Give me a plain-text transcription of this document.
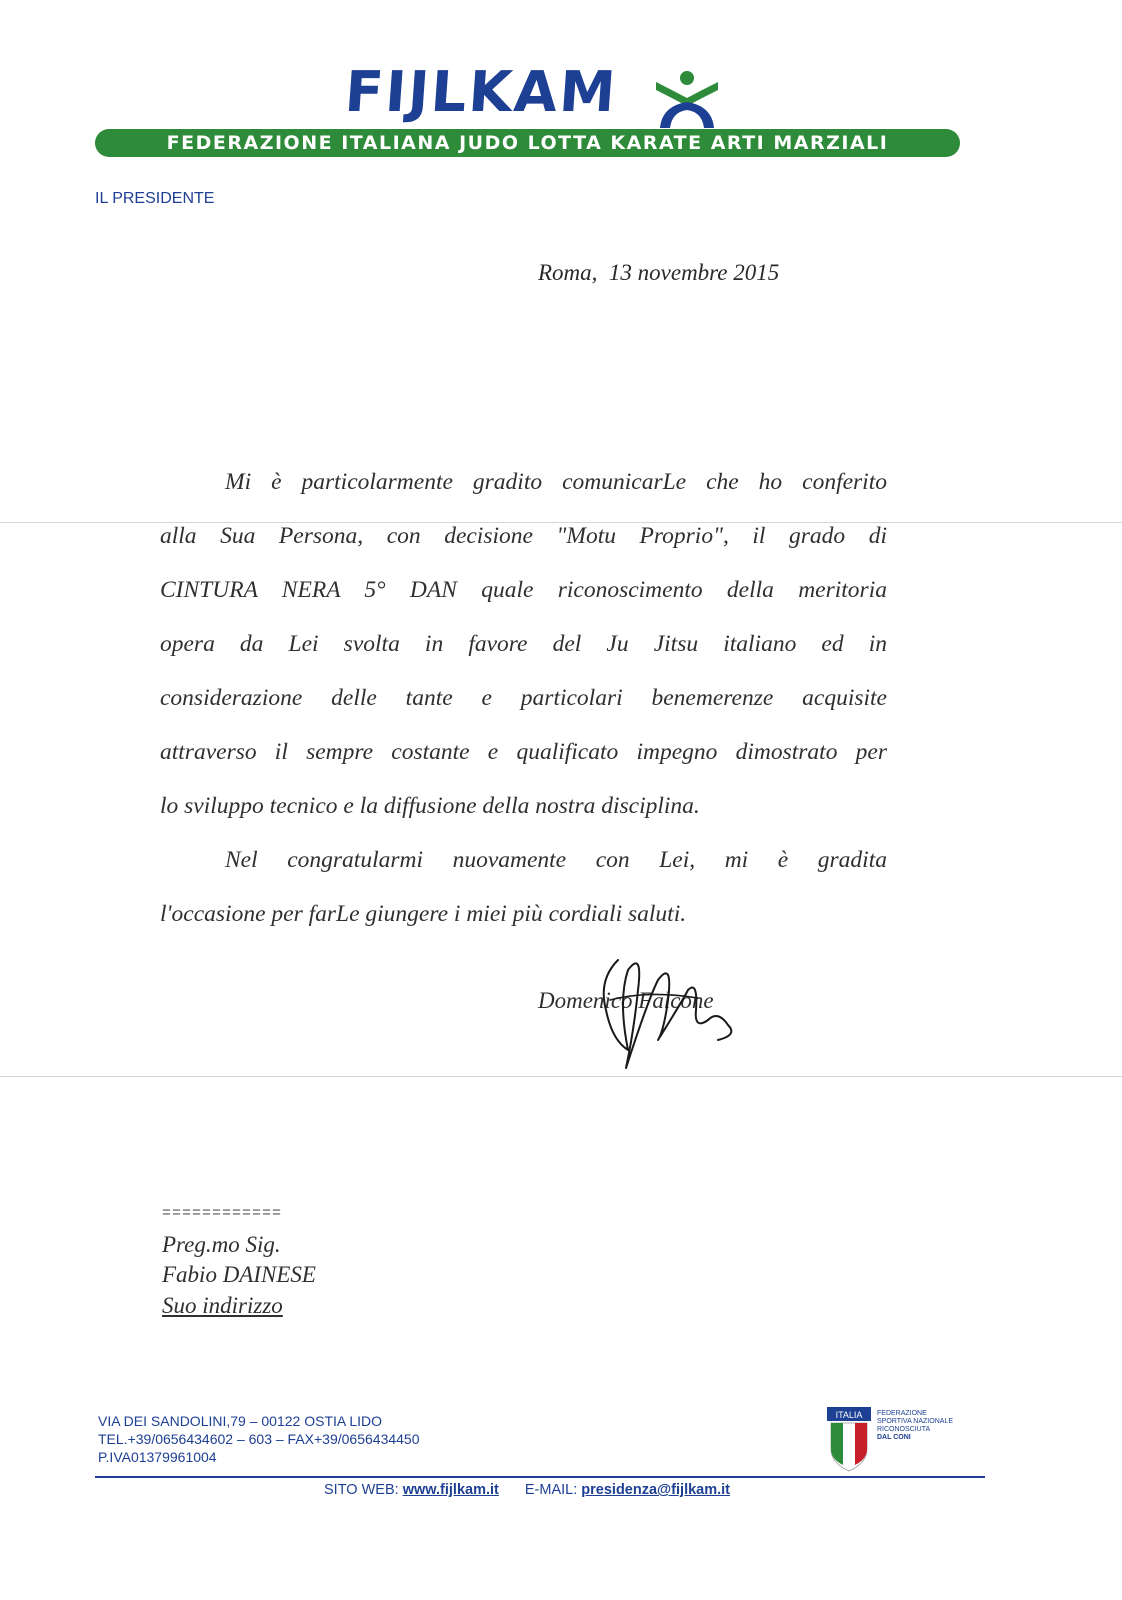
FIJLKAM
FEDERAZIONE ITALIANA JUDO LOTTA KARATE ARTI MARZIALI
IL PRESIDENTE
Roma,  13 novembre 2015
Mi è particolarmente gradito comunicarLe che ho conferito
alla Sua Persona, con decisione "Motu Proprio", il grado di
CINTURA NERA 5° DAN quale riconoscimento della meritoria
opera da Lei svolta in favore del Ju Jitsu italiano ed in
considerazione delle tante e particolari benemerenze acquisite
attraverso il sempre costante e qualificato impegno dimostrato per
lo sviluppo tecnico e la diffusione della nostra disciplina.
Nel congratularmi nuovamente con Lei, mi è gradita
l'occasione per farLe giungere i miei più cordiali saluti.
Domenico Falcone
============
Preg.mo Sig.
Fabio DAINESE
Suo indirizzo
VIA DEI SANDOLINI,79 – 00122 OSTIA LIDO
TEL.+39/0656434602 – 603 – FAX+39/0656434450
P.IVA01379961004
ITALIA FEDERAZIONE
SPORTIVA NAZIONALE
RICONOSCIUTA
DAL CONI
SITO WEB: www.fijlkam.it E-MAIL: presidenza@fijlkam.it
